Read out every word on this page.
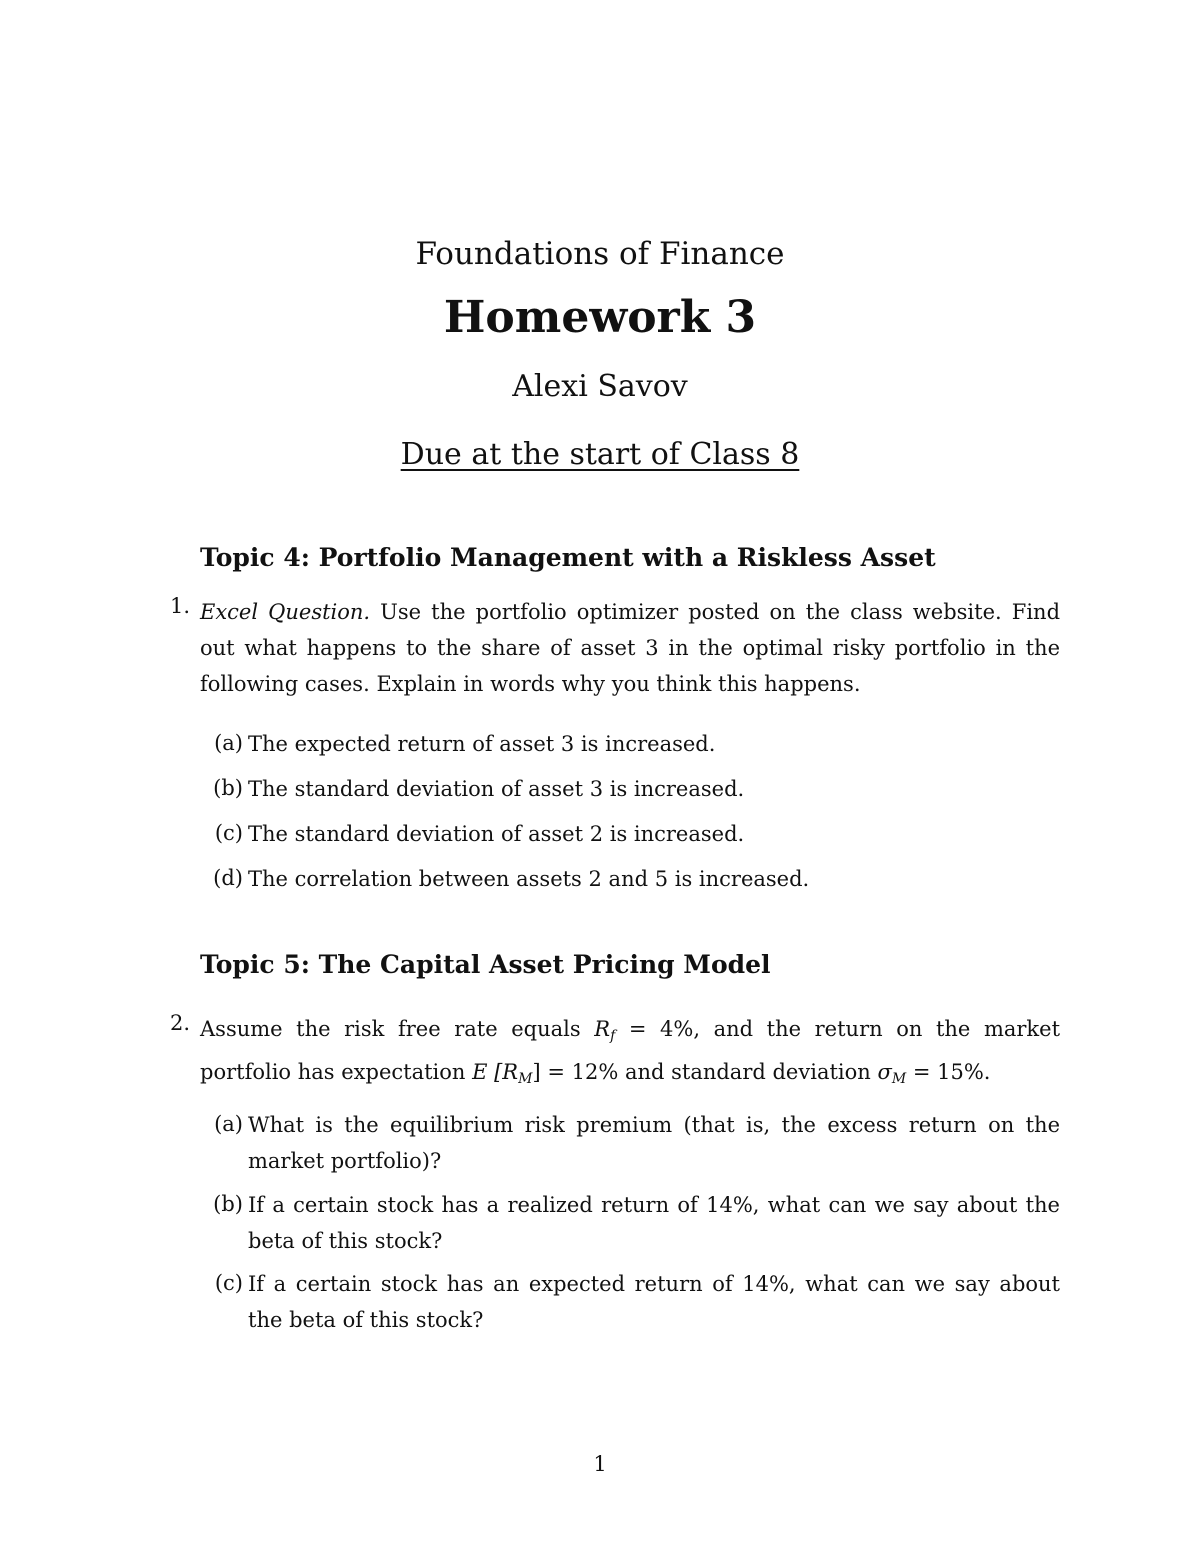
Foundations of Finance
Homework 3
Alexi Savov
Due at the start of Class 8
Topic 4: Portfolio Management with a Riskless Asset
1. Excel Question. Use the portfolio optimizer posted on the class website. Find out what happens to the share of asset 3 in the optimal risky portfolio in the following cases. Explain in words why you think this happens.
(a) The expected return of asset 3 is increased.
(b) The standard deviation of asset 3 is increased.
(c) The standard deviation of asset 2 is increased.
(d) The correlation between assets 2 and 5 is increased.
Topic 5: The Capital Asset Pricing Model
2. Assume the risk free rate equals $R_f = 4\%$, and the return on the market portfolio has expectation E $[R_M] = 12\%$ and standard deviation $\sigma_M = 15\%$.
(a) What is the equilibrium risk premium (that is, the excess return on the market portfolio)?
(b) If a certain stock has a realized return of 14%, what can we say about the beta of this stock?
(c) If a certain stock has an expected return of 14%, what can we say about the beta of this stock?
1
